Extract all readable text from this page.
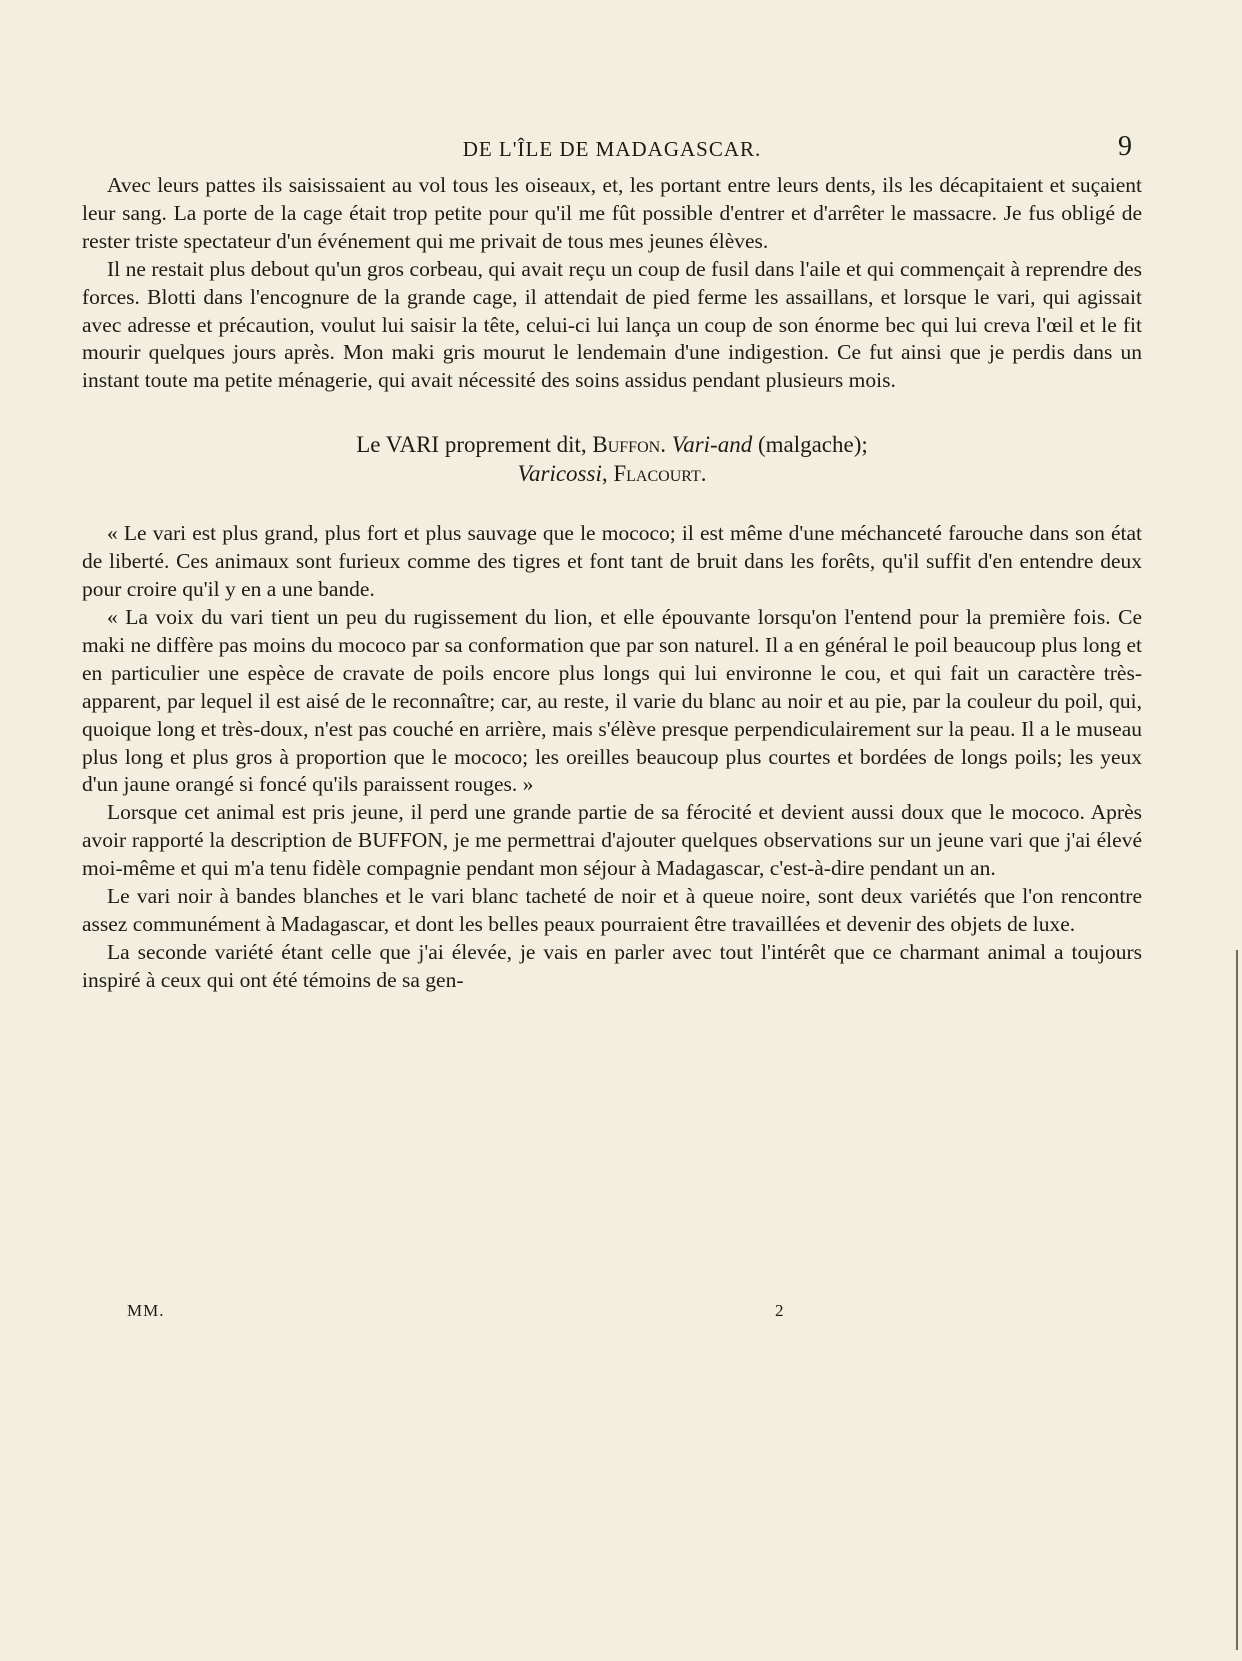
DE L'ÎLE DE MADAGASCAR.	9

Avec leurs pattes ils saisissaient au vol tous les oiseaux, et, les portant entre leurs dents, ils les décapitaient et suçaient leur sang. La porte de la cage était trop petite pour qu'il me fût possible d'entrer et d'arrêter le massacre. Je fus obligé de rester triste spectateur d'un événement qui me privait de tous mes jeunes élèves.

Il ne restait plus debout qu'un gros corbeau, qui avait reçu un coup de fusil dans l'aile et qui commençait à reprendre des forces. Blotti dans l'encognure de la grande cage, il attendait de pied ferme les assaillans, et lorsque le vari, qui agissait avec adresse et précaution, voulut lui saisir la tête, celui-ci lui lança un coup de son énorme bec qui lui creva l'œil et le fit mourir quelques jours après. Mon maki gris mourut le lendemain d'une indigestion. Ce fut ainsi que je perdis dans un instant toute ma petite ménagerie, qui avait nécessité des soins assidus pendant plusieurs mois.

Le VARI proprement dit, Buffon. Vari-and (malgache);
Varicossi, Flacourt.

« Le vari est plus grand, plus fort et plus sauvage que le mococo; il est même d'une méchanceté farouche dans son état de liberté. Ces animaux sont furieux comme des tigres et font tant de bruit dans les forêts, qu'il suffit d'en entendre deux pour croire qu'il y en a une bande.

« La voix du vari tient un peu du rugissement du lion, et elle épouvante lorsqu'on l'entend pour la première fois. Ce maki ne diffère pas moins du mococo par sa conformation que par son naturel. Il a en général le poil beaucoup plus long et en particulier une espèce de cravate de poils encore plus longs qui lui environne le cou, et qui fait un caractère très-apparent, par lequel il est aisé de le reconnaître; car, au reste, il varie du blanc au noir et au pie, par la couleur du poil, qui, quoique long et très-doux, n'est pas couché en arrière, mais s'élève presque perpendiculairement sur la peau. Il a le museau plus long et plus gros à proportion que le mococo; les oreilles beaucoup plus courtes et bordées de longs poils; les yeux d'un jaune orangé si foncé qu'ils paraissent rouges. »

Lorsque cet animal est pris jeune, il perd une grande partie de sa férocité et devient aussi doux que le mococo. Après avoir rapporté la description de BUFFON, je me permettrai d'ajouter quelques observations sur un jeune vari que j'ai élevé moi-même et qui m'a tenu fidèle compagnie pendant mon séjour à Madagascar, c'est-à-dire pendant un an.

Le vari noir à bandes blanches et le vari blanc tacheté de noir et à queue noire, sont deux variétés que l'on rencontre assez communément à Madagascar, et dont les belles peaux pourraient être travaillées et devenir des objets de luxe.

La seconde variété étant celle que j'ai élevée, je vais en parler avec tout l'intérêt que ce charmant animal a toujours inspiré à ceux qui ont été témoins de sa gen-

MM.	2
